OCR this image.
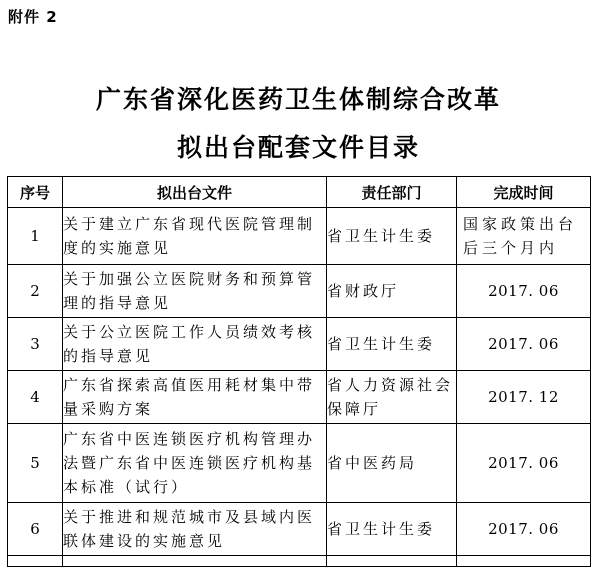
附件 2
广东省深化医药卫生体制综合改革
拟出台配套文件目录
序号	拟出台文件	责任部门	完成时间
1	关于建立广东省现代医院管理制度的实施意见	省卫生计生委	国家政策出台后三个月内
2	关于加强公立医院财务和预算管理的指导意见	省财政厅	2017. 06
3	关于公立医院工作人员绩效考核的指导意见	省卫生计生委	2017. 06
4	广东省探索高值医用耗材集中带量采购方案	省人力资源社会保障厅	2017. 12
5	广东省中医连锁医疗机构管理办法暨广东省中医连锁医疗机构基本标准（试行）	省中医药局	2017. 06
6	关于推进和规范城市及县域内医联体建设的实施意见	省卫生计生委	2017. 06
